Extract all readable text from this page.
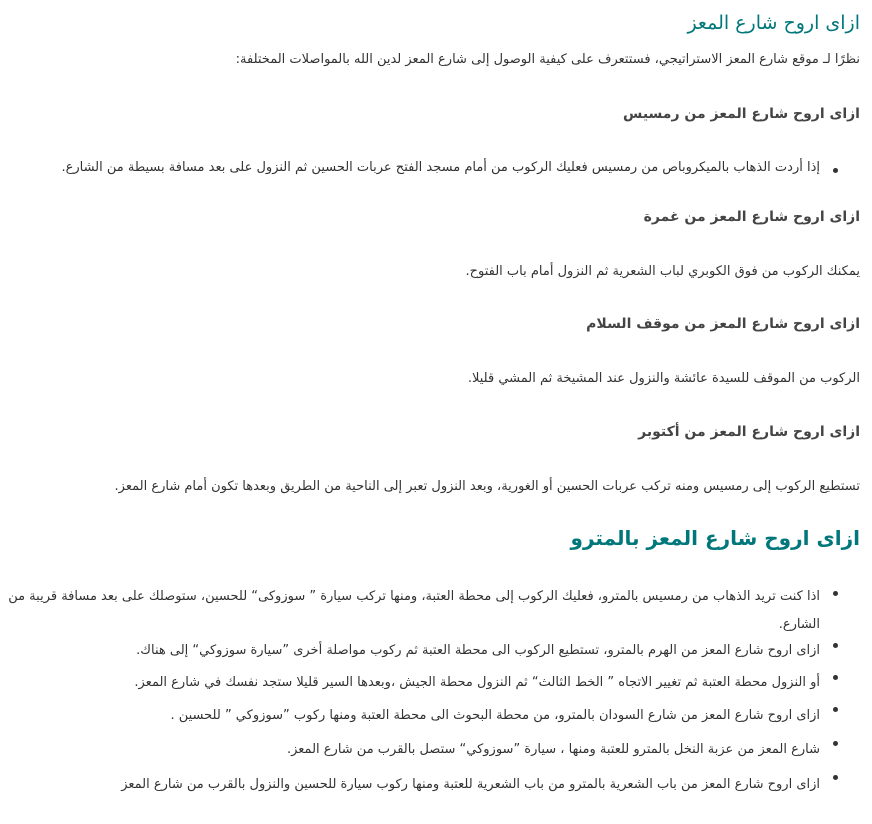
ازاى اروح شارع المعز

نظرًا لـ موقع شارع المعز الاستراتيجي، فستتعرف على كيفية الوصول إلى شارع المعز لدين الله بالمواصلات المختلفة:

ازاى اروح شارع المعز من رمسيس
إذا أردت الذهاب بالميكروباص من رمسيس فعليك الركوب من أمام مسجد الفتح عربات الحسين ثم النزول على بعد مسافة بسيطة من الشارع.
ازاى اروح شارع المعز من غمرة

يمكنك الركوب من فوق الكوبري لباب الشعرية ثم النزول أمام باب الفتوح.

ازاى اروح شارع المعز من موقف السلام

الركوب من الموقف للسيدة عائشة والنزول عند المشيخة ثم المشي قليلا.

ازاى اروح شارع المعز من أكتوبر

تستطيع الركوب إلى رمسيس ومنه تركب عربات الحسين أو الغورية، وبعد النزول تعبر إلى الناحية من الطريق وبعدها تكون أمام شارع المعز.

ازاى اروح شارع المعز بالمترو
اذا كنت تريد الذهاب من رمسيس بالمترو، فعليك الركوب إلى محطة العتبة، ومنها تركب سيارة ” سوزوكى“ للحسين، ستوصلك على بعد مسافة قريبة من
الشارع.
ازاى اروح شارع المعز من الهرم بالمترو، تستطيع الركوب الى محطة العتبة ثم ركوب مواصلة أخرى ”سيارة سوزوكي“ إلى هناك.
أو النزول محطة العتبة ثم تغيير الاتجاه ” الخط الثالث“ ثم النزول محطة الجيش ،وبعدها السير قليلا ستجد نفسك في شارع المعز.
ازاى اروح شارع المعز من شارع السودان بالمترو، من محطة البحوث الى محطة العتبة ومنها ركوب ”سوزوكي ” للحسين .
شارع المعز من عزبة النخل بالمترو للعتبة ومنها ، سيارة ”سوزوكي“ ستصل بالقرب من شارع المعز.
ازاى اروح شارع المعز من باب الشعرية بالمترو من باب الشعرية للعتبة ومنها ركوب سيارة للحسين والنزول بالقرب من شارع المعز
